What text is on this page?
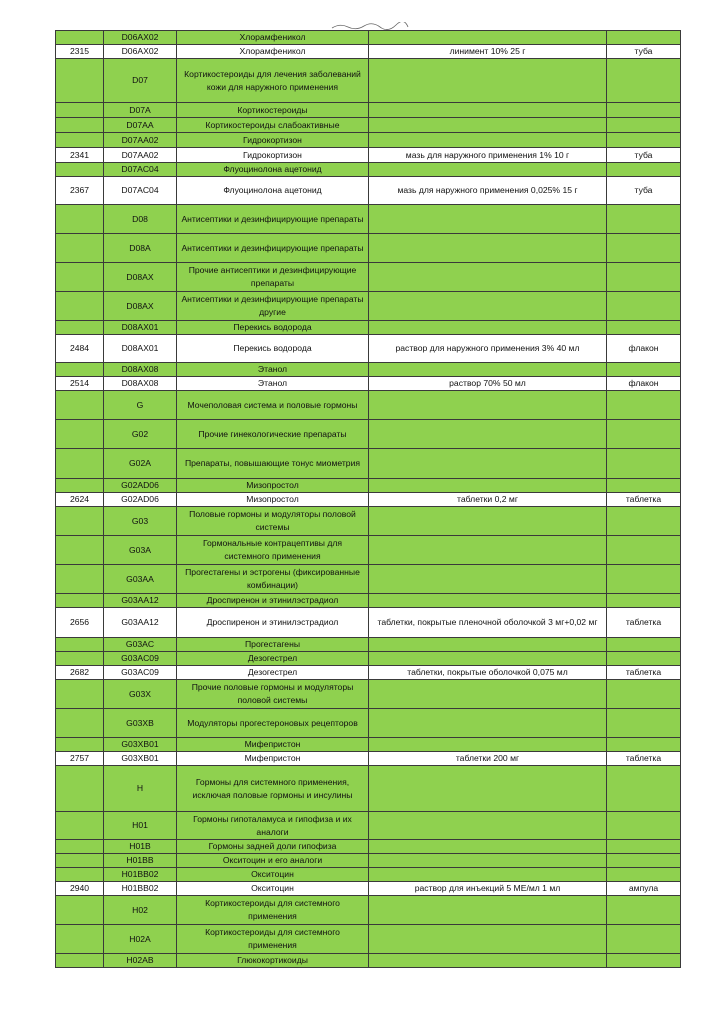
	D06AX02	Хлорамфеникол		
2315	D06AX02	Хлорамфеникол	линимент 10% 25 г	туба
	D07	Кортикостероиды для лечения заболеваний кожи для наружного применения		
	D07A	Кортикостероиды		
	D07AA	Кортикостероиды слабоактивные		
	D07AA02	Гидрокортизон		
2341	D07AA02	Гидрокортизон	мазь для наружного применения 1% 10 г	туба
	D07AC04	Флуоцинолона ацетонид		
2367	D07AC04	Флуоцинолона ацетонид	мазь для наружного применения 0,025% 15 г	туба
	D08	Антисептики и дезинфицирующие препараты		
	D08A	Антисептики и дезинфицирующие препараты		
	D08AX	Прочие антисептики и дезинфицирующие препараты		
	D08AX	Антисептики и дезинфицирующие препараты другие		
	D08AX01	Перекись водорода		
2484	D08AX01	Перекись водорода	раствор для наружного применения 3% 40 мл	флакон
	D08AX08	Этанол		
2514	D08AX08	Этанол	раствор 70% 50 мл	флакон
	G	Мочеполовая система и половые гормоны		
	G02	Прочие гинекологические препараты		
	G02A	Препараты, повышающие тонус миометрия		
	G02AD06	Мизопростол		
2624	G02AD06	Мизопростол	таблетки 0,2 мг	таблетка
	G03	Половые гормоны и модуляторы половой системы		
	G03A	Гормональные контрацептивы для системного применения		
	G03AA	Прогестагены и эстрогены (фиксированные комбинации)		
	G03AA12	Дроспиренон и этинилэстрадиол		
2656	G03AA12	Дроспиренон и этинилэстрадиол	таблетки, покрытые пленочной оболочкой 3 мг+0,02 мг	таблетка
	G03AC	Прогестагены		
	G03AC09	Дезогестрел		
2682	G03AC09	Дезогестрел	таблетки, покрытые оболочкой 0,075 мл	таблетка
	G03X	Прочие половые гормоны и модуляторы половой системы		
	G03XB	Модуляторы прогестероновых рецепторов		
	G03XB01	Мифепристон		
2757	G03XB01	Мифепристон	таблетки 200 мг	таблетка
	H	Гормоны для системного применения, исключая половые гормоны и инсулины		
	H01	Гормоны гипоталамуса и гипофиза и их аналоги		
	H01B	Гормоны задней доли гипофиза		
	H01BB	Окситоцин и его аналоги		
	H01BB02	Окситоцин		
2940	H01BB02	Окситоцин	раствор для инъекций 5 МЕ/мл 1 мл	ампула
	H02	Кортикостероиды для системного применения		
	H02A	Кортикостероиды для системного применения		
	H02AB	Глюкокортикоиды		
